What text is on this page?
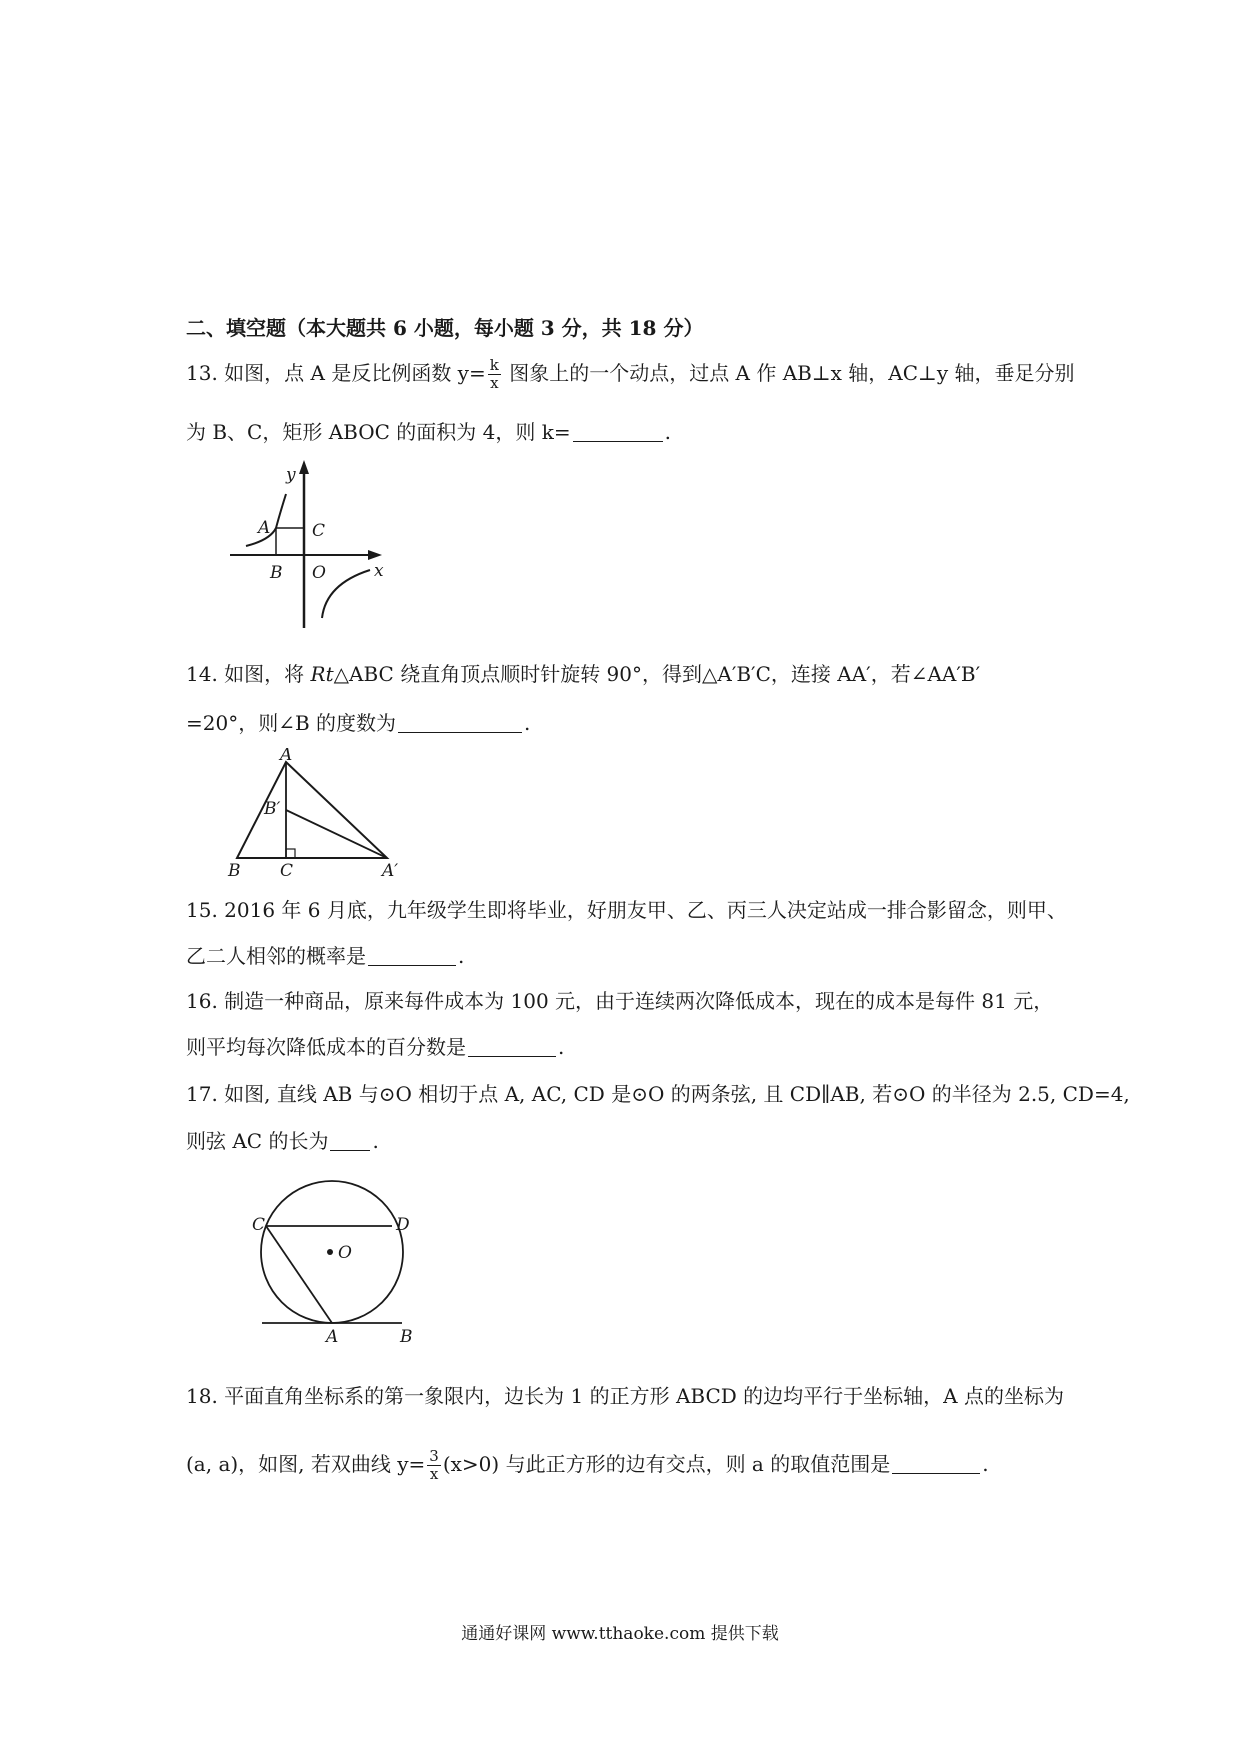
二、填空题（本大题共 6 小题，每小题 3 分，共 18 分）
13. 如图，点 A 是反比例函数 $y= \frac{k}{x}$ 图象上的一个动点，过点 A 作 AB⊥x 轴，AC⊥y 轴，垂足分别
为 B、C，矩形 ABOC 的面积为 4，则 k=	.
A C
B O	x
y
14. 如图，将 Rt△ABC 绕直角顶点顺时针旋转 90°，得到△A′B′C，连接 AA′，若∠AA′B′
=20°，则∠B 的度数为	.
A
B′
B C	A′
15. 2016 年 6 月底，九年级学生即将毕业，好朋友甲、乙、丙三人决定站成一排合影留念，则甲、
乙二人相邻的概率是	.
16. 制造一种商品，原来每件成本为 100 元，由于连续两次降低成本，现在的成本是每件 81 元，
则平均每次降低成本的百分数是	.
17. 如图, 直线 AB 与⊙O 相切于点 A, AC, CD 是⊙O 的两条弦, 且 CD∥AB, 若⊙O 的半径为 2.5, CD=4,
则弦 AC 的长为 .
C	D
O
A	B
18. 平面直角坐标系的第一象限内，边长为 1 的正方形 ABCD 的边均平行于坐标轴，A 点的坐标为
(a, a)，如图, 若双曲线 $y= \frac{3}{x} (x>0)$ 与此正方形的边有交点，则 a 的取值范围是	.
通通好课网 www.tthaoke.com 提供下载
